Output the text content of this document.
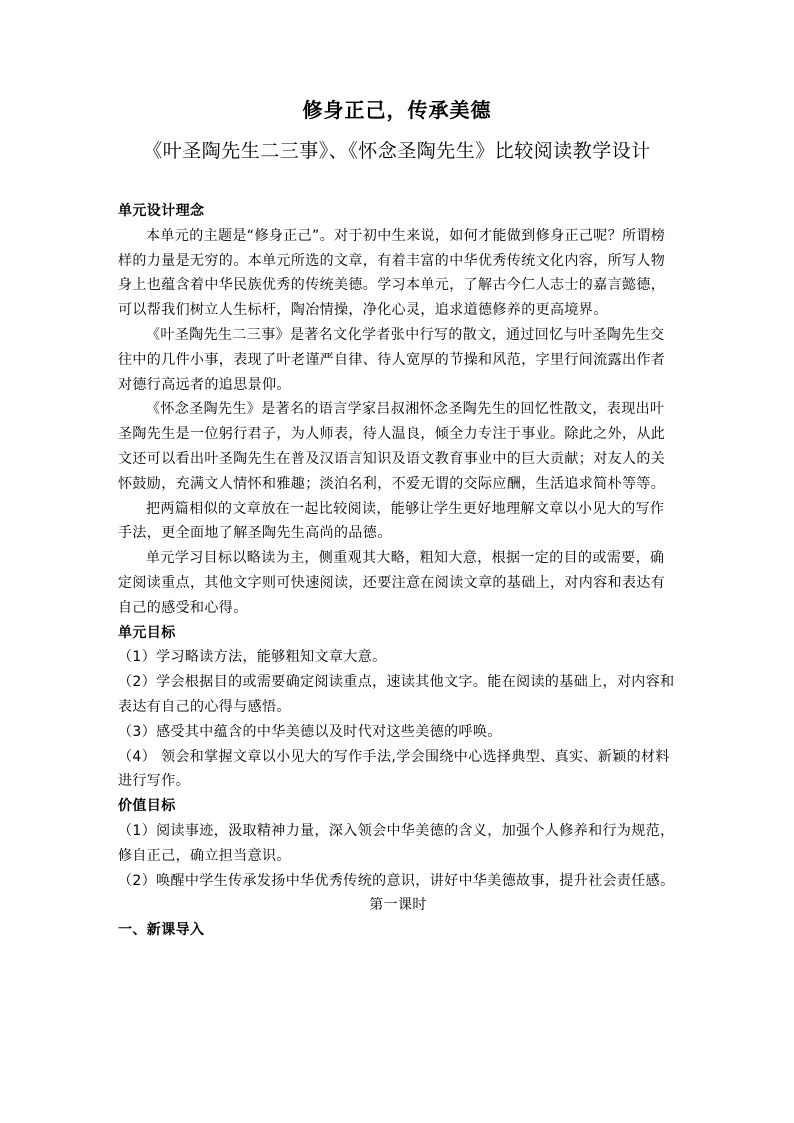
修身正己，传承美德
《叶圣陶先生二三事》、《怀念圣陶先生》比较阅读教学设计

单元设计理念

本单元的主题是“修身正己”。对于初中生来说，如何才能做到修身正己呢？所谓榜样的力量是无穷的。本单元所选的文章，有着丰富的中华优秀传统文化内容，所写人物身上也蕴含着中华民族优秀的传统美德。学习本单元，了解古今仁人志士的嘉言懿德，可以帮我们树立人生标杆，陶冶情操，净化心灵，追求道德修养的更高境界。

《叶圣陶先生二三事》是著名文化学者张中行写的散文，通过回忆与叶圣陶先生交往中的几件小事，表现了叶老谨严自律、待人宽厚的节操和风范，字里行间流露出作者对德行高远者的追思景仰。

《怀念圣陶先生》是著名的语言学家吕叔湘怀念圣陶先生的回忆性散文，表现出叶圣陶先生是一位躬行君子，为人师表，待人温良，倾全力专注于事业。除此之外，从此文还可以看出叶圣陶先生在普及汉语言知识及语文教育事业中的巨大贡献；对友人的关怀鼓励，充满文人情怀和雅趣；淡泊名利，不爱无谓的交际应酬，生活追求简朴等等。

把两篇相似的文章放在一起比较阅读，能够让学生更好地理解文章以小见大的写作手法，更全面地了解圣陶先生高尚的品德。

单元学习目标以略读为主，侧重观其大略，粗知大意，根据一定的目的或需要，确定阅读重点，其他文字则可快速阅读，还要注意在阅读文章的基础上，对内容和表达有自己的感受和心得。

单元目标

（1）学习略读方法，能够粗知文章大意。

（2）学会根据目的或需要确定阅读重点，速读其他文字。能在阅读的基础上，对内容和表达有自己的心得与感悟。

（3）感受其中蕴含的中华美德以及时代对这些美德的呼唤。

（4） 领会和掌握文章以小见大的写作手法,学会围绕中心选择典型、真实、新颖的材料进行写作。

价值目标

（1）阅读事迹，汲取精神力量，深入领会中华美德的含义，加强个人修养和行为规范，修自正己，确立担当意识。

（2）唤醒中学生传承发扬中华优秀传统的意识，讲好中华美德故事，提升社会责任感。

第一课时

一、新课导入
